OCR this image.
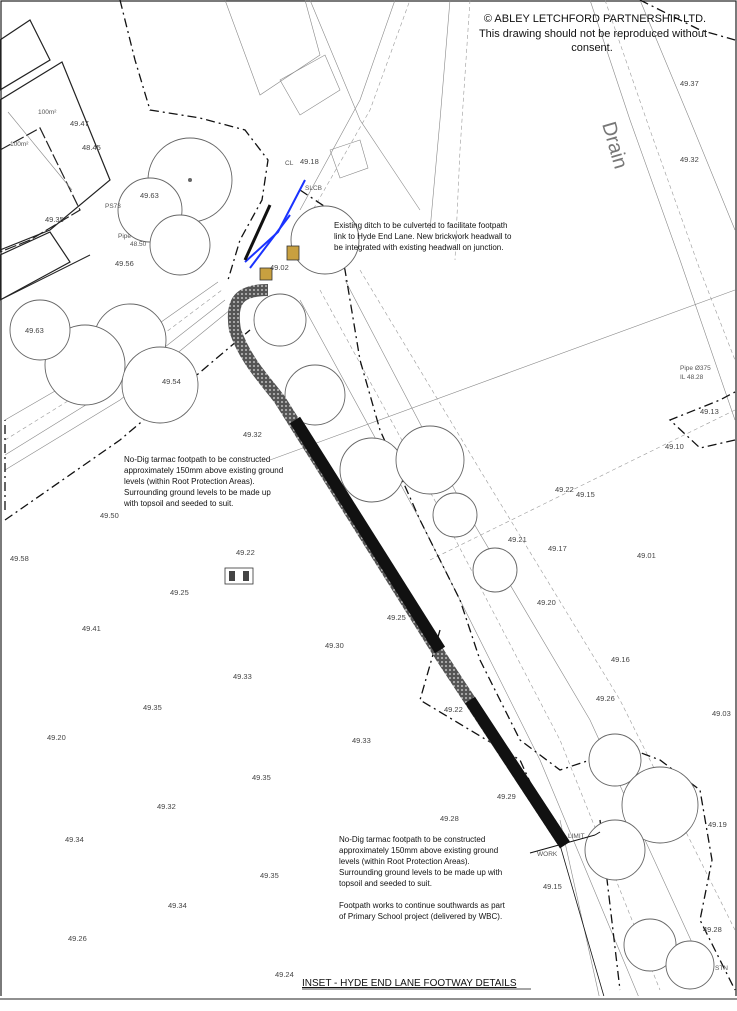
WORK
LIMIT
Drain
© ABLEY LETCHFORD PARTNERSHIP LTD.
This drawing should not be reproduced without
consent.
100m²
100m²
Pipe
48.50
Pipe Ø375
IL 48.28
PS73
CL
SLCB
STN
49.37
49.32
49.47
48.45
49.63
49.35
49.56
49.63
49.54
49.32
49.50
49.58
49.22
49.25
49.41
49.30
49.33
49.35
49.20	49.33
49.35
49.32
49.34
49.35
49.34
49.26
49.24
49.28
49.29
49.15
49.22
49.25
49.20
49.21
49.17
49.01
49.16
49.26
49.03
49.19
49.10
49.15
49.13
49.02
49.18
49.28
49.22
Existing ditch to be culverted to facilitate footpath
link to Hyde End Lane. New brickwork headwall to
be integrated with existing headwall on junction.
No-Dig tarmac footpath to be constructed
approximately 150mm above existing ground
levels (within Root Protection Areas).
Surrounding ground levels to be made up
with topsoil and seeded to suit.
No-Dig tarmac footpath to be constructed
approximately 150mm above existing ground
levels (within Root Protection Areas).
Surrounding ground levels to be made up with
topsoil and seeded to suit.
Footpath works to continue southwards as part
of Primary School project (delivered by WBC).
INSET - HYDE END LANE FOOTWAY DETAILS
